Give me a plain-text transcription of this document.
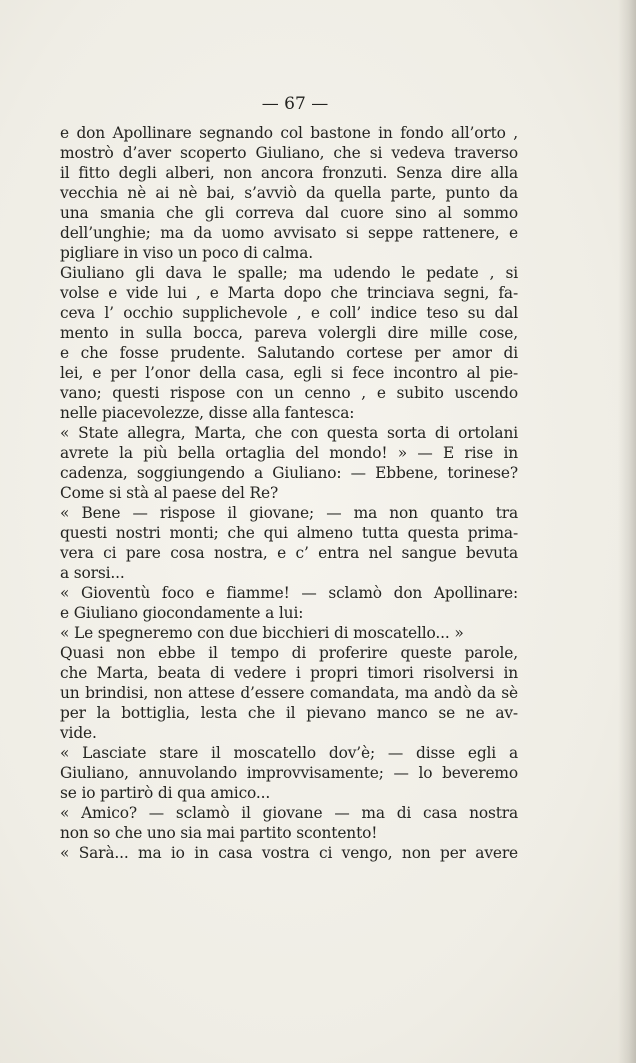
— 67 —

e don Apollinare segnando col bastone in fondo all’orto ,
mostrò d’aver scoperto Giuliano, che si vedeva traverso
il fitto degli alberi, non ancora fronzuti. Senza dire alla
vecchia nè ai nè bai, s’avviò da quella parte, punto da
una smania che gli correva dal cuore sino al sommo
dell’unghie; ma da uomo avvisato si seppe rattenere, e
pigliare in viso un poco di calma.
Giuliano gli dava le spalle; ma udendo le pedate , si
volse e vide lui , e Marta dopo che trinciava segni, fa-
ceva l’ occhio supplichevole , e coll’ indice teso su dal
mento in sulla bocca, pareva volergli dire mille cose,
e che fosse prudente. Salutando cortese per amor di
lei, e per l’onor della casa, egli si fece incontro al pie-
vano; questi rispose con un cenno , e subito uscendo
nelle piacevolezze, disse alla fantesca:
« State allegra, Marta, che con questa sorta di ortolani
avrete la più bella ortaglia del mondo! » — E rise in
cadenza, soggiungendo a Giuliano: — Ebbene, torinese?
Come si stà al paese del Re?
« Bene — rispose il giovane; — ma non quanto tra
questi nostri monti; che qui almeno tutta questa prima-
vera ci pare cosa nostra, e c’ entra nel sangue bevuta
a sorsi...
« Gioventù foco e fiamme! — sclamò don Apollinare:
e Giuliano giocondamente a lui:
« Le spegneremo con due bicchieri di moscatello... »
Quasi non ebbe il tempo di proferire queste parole,
che Marta, beata di vedere i propri timori risolversi in
un brindisi, non attese d’essere comandata, ma andò da sè
per la bottiglia, lesta che il pievano manco se ne av-
vide.
« Lasciate stare il moscatello dov’è; — disse egli a
Giuliano, annuvolando improvvisamente; — lo beveremo
se io partirò di qua amico...
« Amico? — sclamò il giovane — ma di casa nostra
non so che uno sia mai partito scontento!
« Sarà... ma io in casa vostra ci vengo, non per avere
